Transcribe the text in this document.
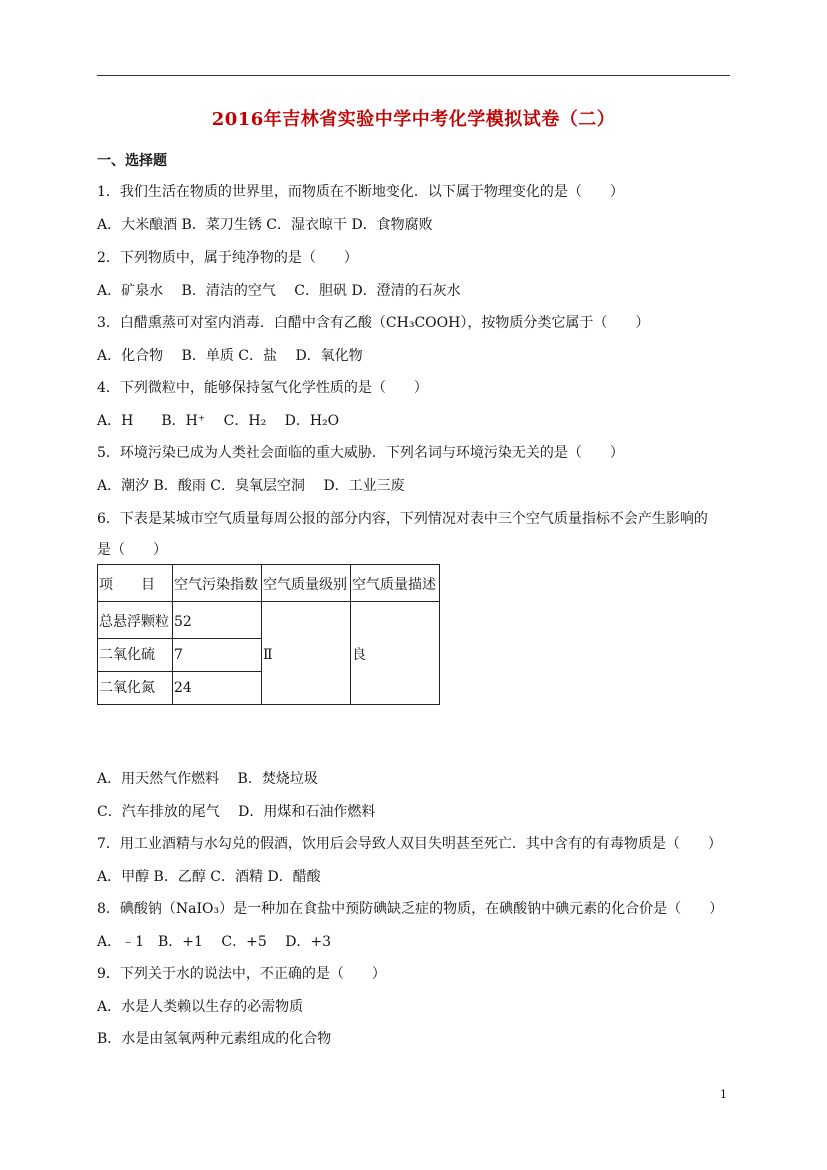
2016年吉林省实验中学中考化学模拟试卷（二）
一、选择题
1．我们生活在物质的世界里，而物质在不断地变化．以下属于物理变化的是（　　）
A．大米酿酒 B．菜刀生锈 C．湿衣晾干 D．食物腐败
2．下列物质中，属于纯净物的是（　　）
A．矿泉水　 B．清洁的空气　 C．胆矾 D．澄清的石灰水
3．白醋熏蒸可对室内消毒．白醋中含有乙酸（CH₃COOH），按物质分类它属于（　　）
A．化合物　 B．单质 C．盐　 D．氧化物
4．下列微粒中，能够保持氢气化学性质的是（　　）
A．H　　B．H⁺　 C．H₂　 D．H₂O
5．环境污染已成为人类社会面临的重大威胁．下列名词与环境污染无关的是（　　）
A．潮汐 B．酸雨 C．臭氧层空洞　 D．工业三废
6．下表是某城市空气质量每周公报的部分内容，下列情况对表中三个空气质量指标不会产生影响的
是（　　）
项　　目	空气污染指数	空气质量级别	空气质量描述
总悬浮颗粒	52	Ⅱ	良
二氧化硫	7		
二氧化氮	24		
A．用天然气作燃料　 B．焚烧垃圾
C．汽车排放的尾气　 D．用煤和石油作燃料
7．用工业酒精与水勾兑的假酒，饮用后会导致人双目失明甚至死亡．其中含有的有毒物质是（　　）
A．甲醇 B．乙醇 C．酒精 D．醋酸
8．碘酸钠（NaIO₃）是一种加在食盐中预防碘缺乏症的物质，在碘酸钠中碘元素的化合价是（　　）
A．﹣1　B．+1　 C．+5　 D．+3
9．下列关于水的说法中，不正确的是（　　）
A．水是人类赖以生存的必需物质
B．水是由氢氧两种元素组成的化合物
1
